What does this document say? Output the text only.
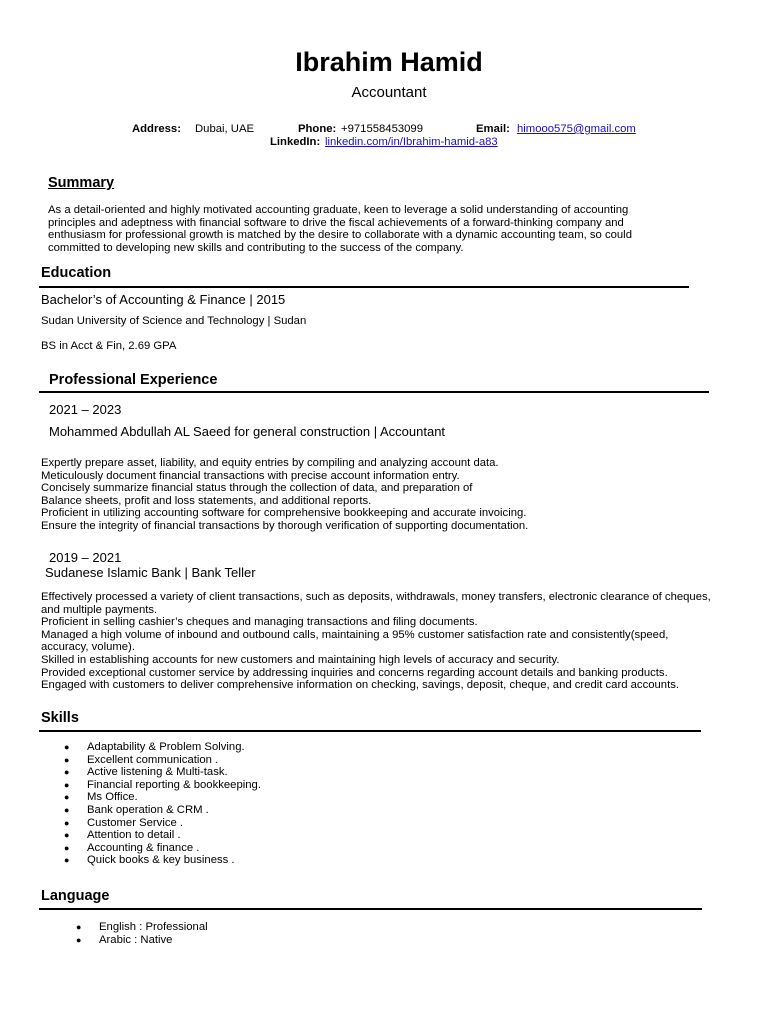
Ibrahim Hamid
Accountant
Address: Dubai, UAE	Phone: +971558453099	Email: himooo575@gmail.com
LinkedIn: linkedin.com/in/Ibrahim-hamid-a83
Summary
As a detail-oriented and highly motivated accounting graduate, keen to leverage a solid understanding of accounting
principles and adeptness with financial software to drive the fiscal achievements of a forward-thinking company and
enthusiasm for professional growth is matched by the desire to collaborate with a dynamic accounting team, so could
committed to developing new skills and contributing to the success of the company.
Education
Bachelor’s of Accounting & Finance | 2015
Sudan University of Science and Technology | Sudan
BS in Acct & Fin, 2.69 GPA
Professional Experience
2021 – 2023
Mohammed Abdullah AL Saeed for general construction | Accountant
Expertly prepare asset, liability, and equity entries by compiling and analyzing account data.
Meticulously document financial transactions with precise account information entry.
Concisely summarize financial status through the collection of data, and preparation of
Balance sheets, profit and loss statements, and additional reports.
Proficient in utilizing accounting software for comprehensive bookkeeping and accurate invoicing.
Ensure the integrity of financial transactions by thorough verification of supporting documentation.
2019 – 2021
Sudanese Islamic Bank | Bank Teller
Effectively processed a variety of client transactions, such as deposits, withdrawals, money transfers, electronic clearance of cheques,
and multiple payments.
Proficient in selling cashier’s cheques and managing transactions and filing documents.
Managed a high volume of inbound and outbound calls, maintaining a 95% customer satisfaction rate and consistently(speed,
accuracy, volume).
Skilled in establishing accounts for new customers and maintaining high levels of accuracy and security.
Provided exceptional customer service by addressing inquiries and concerns regarding account details and banking products.
Engaged with customers to deliver comprehensive information on checking, savings, deposit, cheque, and credit card accounts.
Skills
● Adaptability & Problem Solving.
● Excellent communication .
● Active listening & Multi-task.
● Financial reporting & bookkeeping.
● Ms Office.
● Bank operation & CRM .
● Customer Service .
● Attention to detail .
● Accounting & finance .
● Quick books & key business .
Language
● English : Professional
● Arabic : Native
